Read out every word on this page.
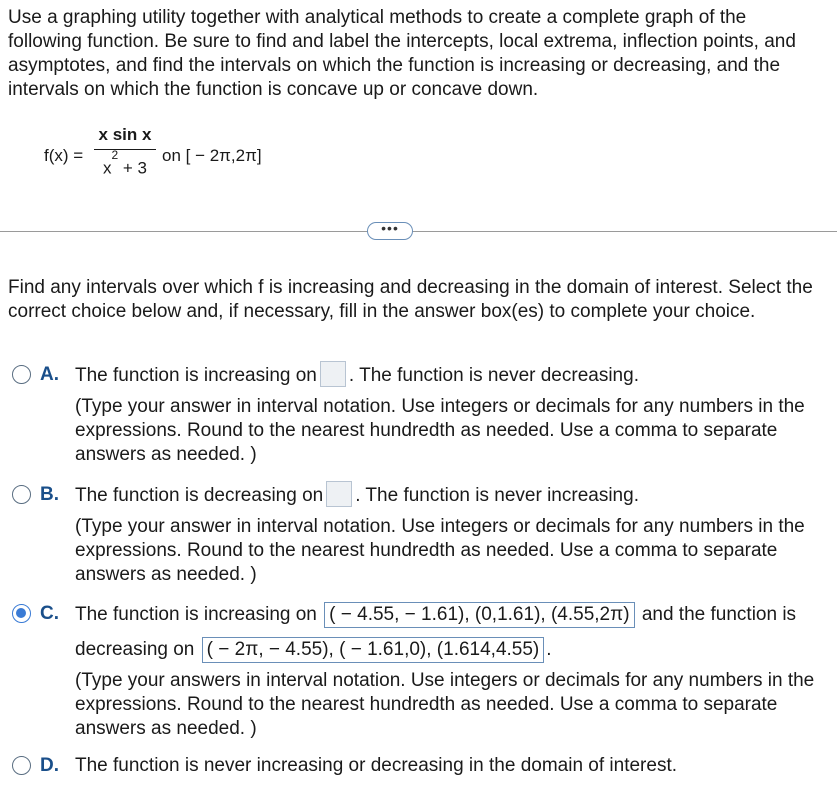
Use a graphing utility together with analytical methods to create a complete graph of the following function. Be sure to find and label the intercepts, local extrema, inflection points, and asymptotes, and find the intervals on which the function is increasing or decreasing, and the intervals on which the function is concave up or concave down.
f(x) =
x sin x
$x^2 + 3$
on [ − 2π,2π]
•••
Find any intervals over which f is increasing and decreasing in the domain of interest. Select the correct choice below and, if necessary, fill in the answer box(es) to complete your choice.
A. The function is increasing on . The function is never decreasing.
(Type your answer in interval notation. Use integers or decimals for any numbers in the expressions. Round to the nearest hundredth as needed. Use a comma to separate answers as needed. )
B. The function is decreasing on . The function is never increasing.
(Type your answer in interval notation. Use integers or decimals for any numbers in the expressions. Round to the nearest hundredth as needed. Use a comma to separate answers as needed. )
C. The function is increasing on ( − 4.55, − 1.61), (0,1.61), (4.55,2π) and the function is
decreasing on ( − 2π, − 4.55), ( − 1.61,0), (1.614,4.55) .
(Type your answers in interval notation. Use integers or decimals for any numbers in the expressions. Round to the nearest hundredth as needed. Use a comma to separate answers as needed. )
D. The function is never increasing or decreasing in the domain of interest.
